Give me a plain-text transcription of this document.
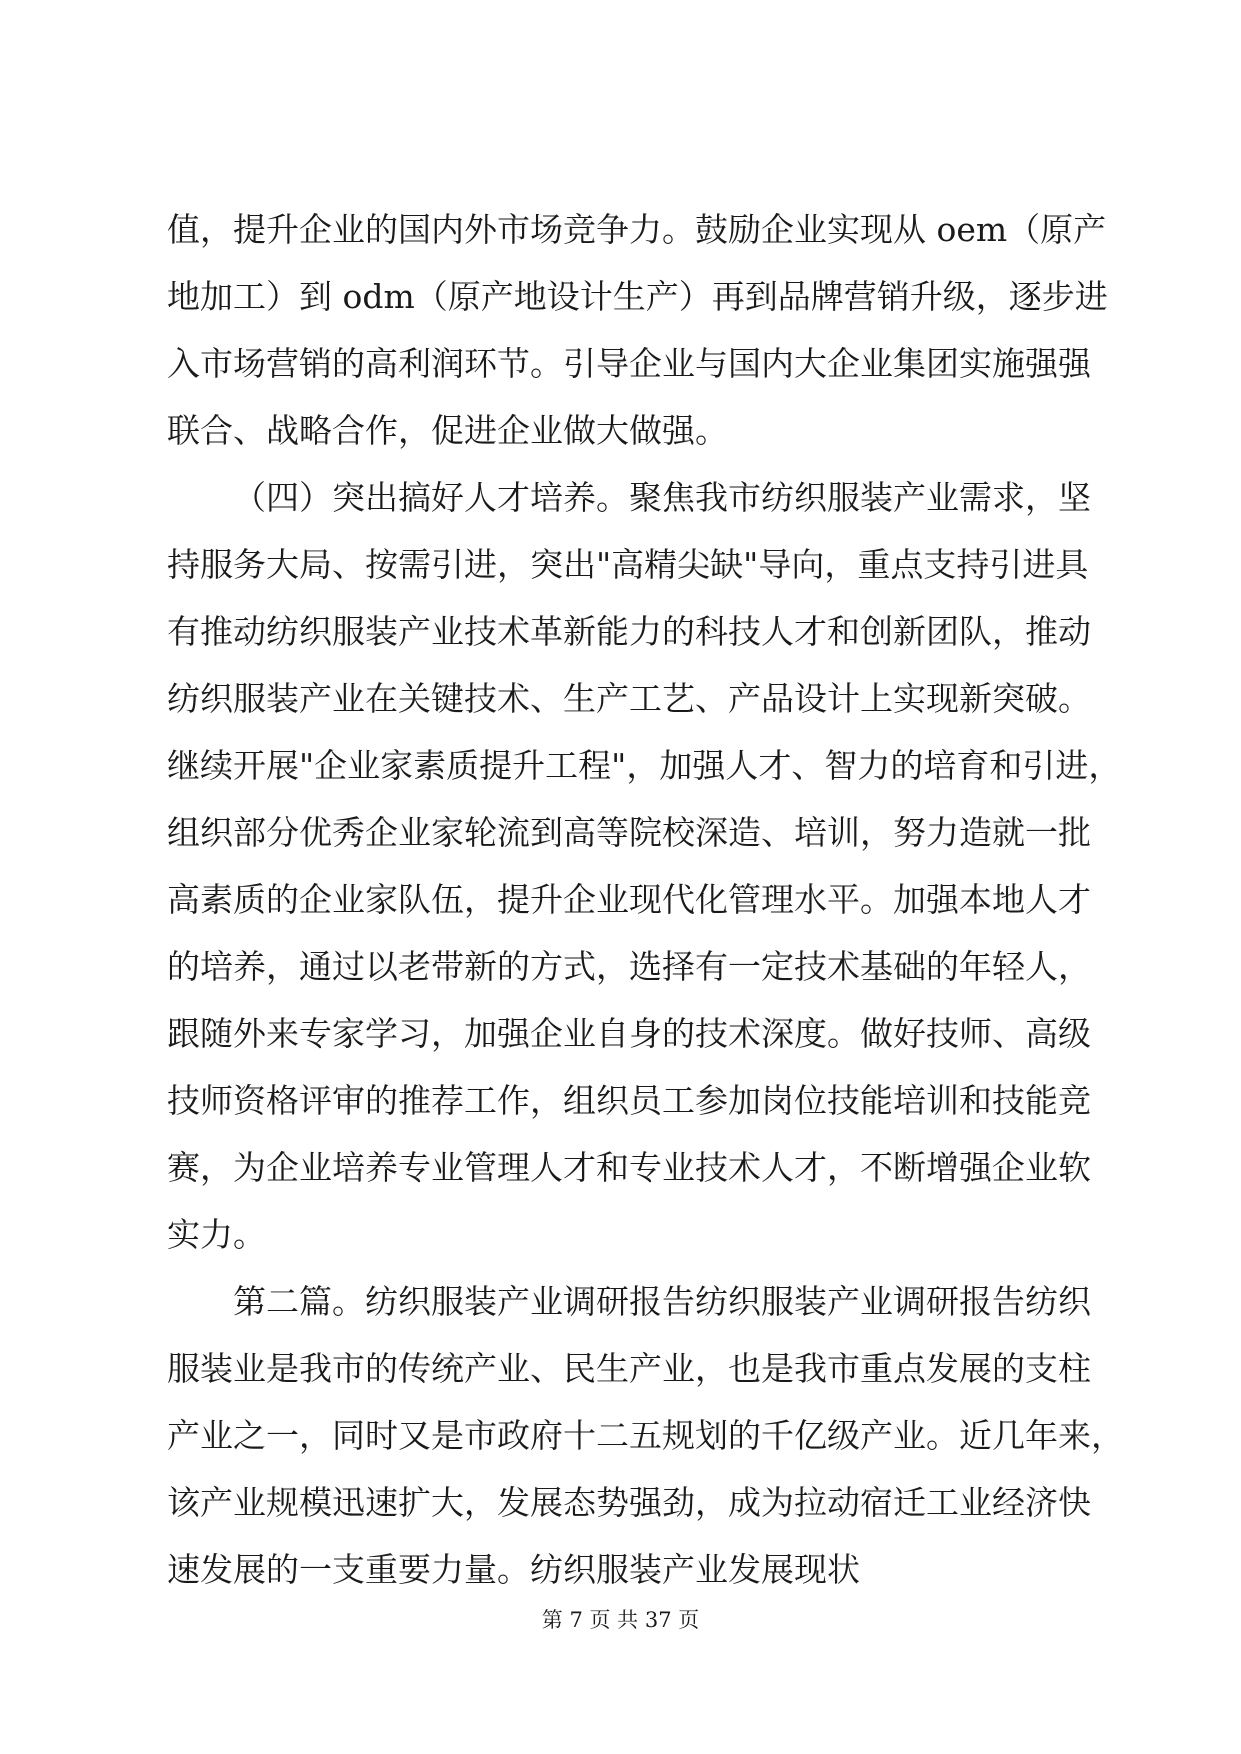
值，提升企业的国内外市场竞争力。鼓励企业实现从 oem（原产
地加工）到 odm（原产地设计生产）再到品牌营销升级，逐步进
入市场营销的高利润环节。引导企业与国内大企业集团实施强强
联合、战略合作，促进企业做大做强。
（四）突出搞好人才培养。聚焦我市纺织服装产业需求，坚
持服务大局、按需引进，突出"高精尖缺"导向，重点支持引进具
有推动纺织服装产业技术革新能力的科技人才和创新团队，推动
纺织服装产业在关键技术、生产工艺、产品设计上实现新突破。
继续开展"企业家素质提升工程"，加强人才、智力的培育和引进，
组织部分优秀企业家轮流到高等院校深造、培训，努力造就一批
高素质的企业家队伍，提升企业现代化管理水平。加强本地人才
的培养，通过以老带新的方式，选择有一定技术基础的年轻人，
跟随外来专家学习，加强企业自身的技术深度。做好技师、高级
技师资格评审的推荐工作，组织员工参加岗位技能培训和技能竞
赛，为企业培养专业管理人才和专业技术人才，不断增强企业软
实力。
第二篇。纺织服装产业调研报告纺织服装产业调研报告纺织
服装业是我市的传统产业、民生产业，也是我市重点发展的支柱
产业之一，同时又是市政府十二五规划的千亿级产业。近几年来，
该产业规模迅速扩大，发展态势强劲，成为拉动宿迁工业经济快
速发展的一支重要力量。纺织服装产业发展现状
第 7 页 共 37 页
